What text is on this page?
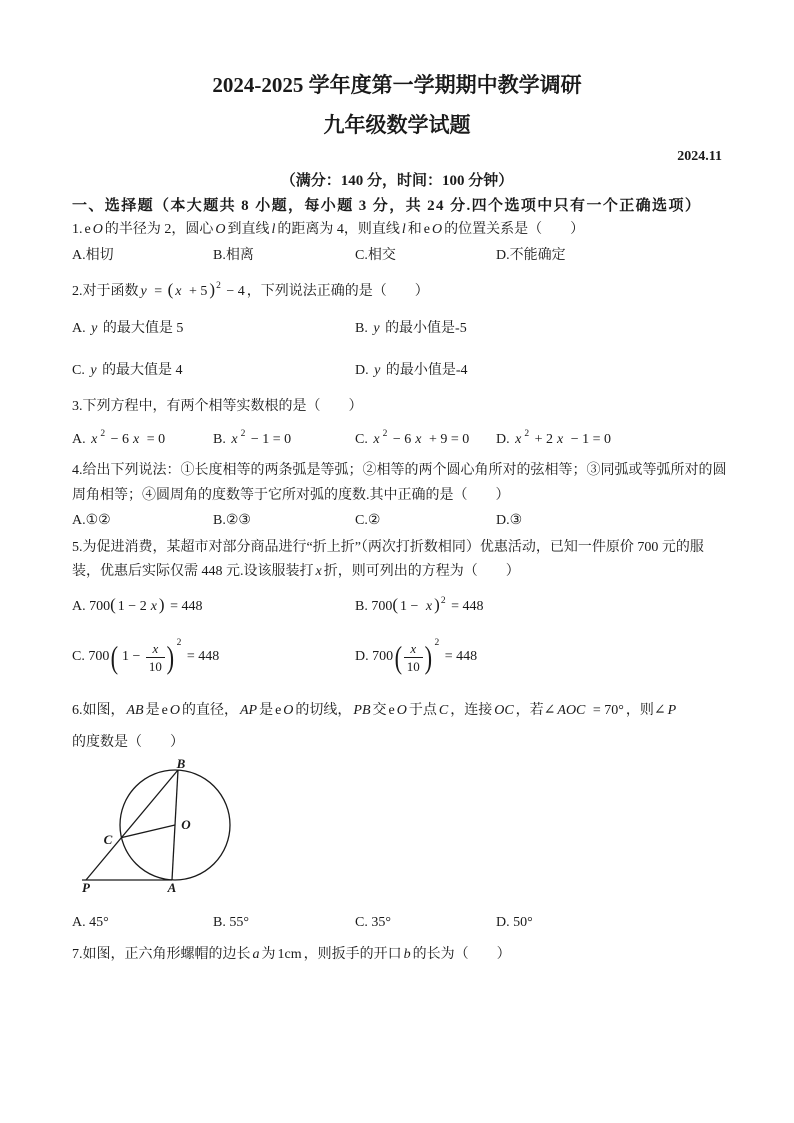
2024-2025 学年度第一学期期中教学调研
九年级数学试题
2024.11
（满分：140 分，时间：100 分钟）
一、选择题（本大题共 8 小题，每小题 3 分，共 24 分.四个选项中只有一个正确选项）
1. e O 的半径为 2，圆心 O 到直线 l 的距离为 4，则直线 l 和 e O 的位置关系是（　　）
A.相切	B.相离	C.相交	D.不能确定
2.对于函数 y = ( x + 5 )$^2$ − 4 ，下列说法正确的是（　　）
A. y 的最大值是 5	B. y 的最小值是-5
C. y 的最大值是 4	D. y 的最小值是-4
3.下列方程中，有两个相等实数根的是（　　）
A. x $^2$ − 6 x = 0	B. x $^2$ − 1 = 0	C. x $^2$ − 6 x + 9 = 0 D. x $^2$ + 2 x − 1 = 0
4.给出下列说法：①长度相等的两条弧是等弧；②相等的两个圆心角所对的弦相等；③同弧或等弧所对的圆
周角相等；④圆周角的度数等于它所对弧的度数.其中正确的是（　　）
A.①②	B.②③	C.②	D.③
5.为促进消费，某超市对部分商品进行“折上折”（两次打折数相同）优惠活动，已知一件原价 700 元的服
装，优惠后实际仅需 448 元.设该服装打 x 折，则可列出的方程为（　　）
A. 700( 1 − 2 x ) = 448	B. 700( 1 − x )$^2$ = 448
C. 700( $1 - \frac{x}{10}$ ) $^2$ = 448	D. $700( \frac{x}{10}$ ) $^2$ = 448
6.如图， AB 是 e O 的直径， AP 是 e O 的切线， PB 交 e O 于点 C ，连接 OC ，若∠ AOC = 70° ，则∠ P
的度数是（　　）
B
O
C
P	A
A. 45°	B. 55°	C. 35°	D. 50°
7.如图，正六角形螺帽的边长 a 为 1cm ，则扳手的开口 b 的长为（　　）
